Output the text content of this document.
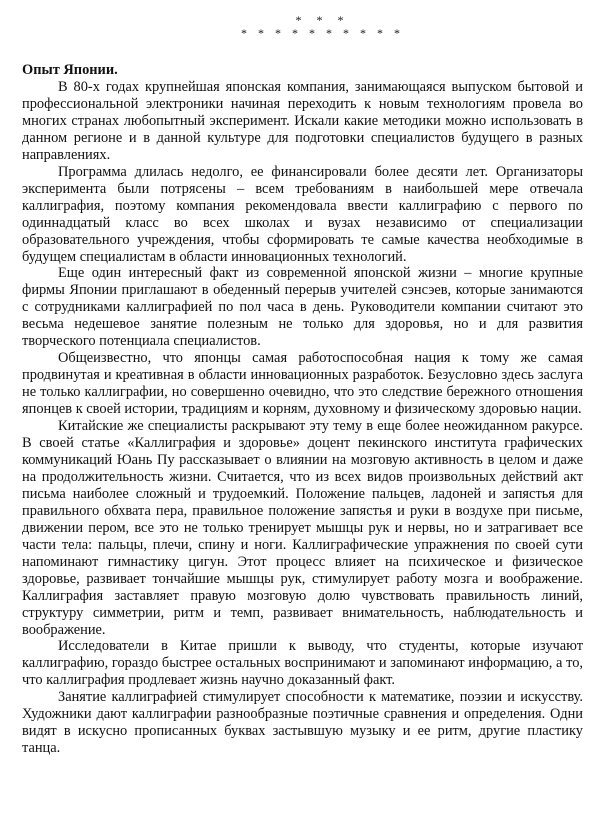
* * *
* * * * * * * * * *
Опыт Японии.

В 80-х годах крупнейшая японская компания, занимающаяся выпуском бытовой и профессиональной электроники начиная переходить к новым технологиям провела во многих странах любопытный эксперимент. Искали какие методики можно использовать в данном регионе и в данной культуре для подготовки специалистов будущего в разных направлениях.

Программа длилась недолго, ее финансировали более десяти лет. Организаторы эксперимента были потрясены – всем требованиям в наибольшей мере отвечала каллиграфия, поэтому компания рекомендовала ввести каллиграфию с первого по одиннадцатый класс во всех школах и вузах независимо от специализации образовательного учреждения, чтобы сформировать те самые качества необходимые в будущем специалистам в области инновационных технологий.

Еще один интересный факт из современной японской жизни – многие крупные фирмы Японии приглашают в обеденный перерыв учителей сэнсэев, которые занимаются с сотрудниками каллиграфией по пол часа в день. Руководители компании считают это весьма недешевое занятие полезным не только для здоровья, но и для развития творческого потенциала специалистов.

Общеизвестно, что японцы самая работоспособная нация к тому же самая продвинутая и креативная в области инновационных разработок. Безусловно здесь заслуга не только каллиграфии, но совершенно очевидно, что это следствие бережного отношения японцев к своей истории, традициям и корням, духовному и физическому здоровью нации.

Китайские же специалисты раскрывают эту тему в еще более неожиданном ракурсе. В своей статье «Каллиграфия и здоровье» доцент пекинского института графических коммуникаций Юань Пу рассказывает о влиянии на мозговую активность в целом и даже на продолжительность жизни. Считается, что из всех видов произвольных действий акт письма наиболее сложный и трудоемкий. Положение пальцев, ладоней и запястья для правильного обхвата пера, правильное положение запястья и руки в воздухе при письме, движении пером, все это не только тренирует мышцы рук и нервы, но и затрагивает все части тела: пальцы, плечи, спину и ноги. Каллиграфические упражнения по своей сути напоминают гимнастику цигун. Этот процесс влияет на психическое и физическое здоровье, развивает тончайшие мышцы рук, стимулирует работу мозга и воображение. Каллиграфия заставляет правую мозговую долю чувствовать правильность линий, структуру симметрии, ритм и темп, развивает внимательность, наблюдательность и воображение.

Исследователи в Китае пришли к выводу, что студенты, которые изучают каллиграфию, гораздо быстрее остальных воспринимают и запоминают информацию, а то, что каллиграфия продлевает жизнь научно доказанный факт.

Занятие каллиграфией стимулирует способности к математике, поэзии и искусству. Художники дают каллиграфии разнообразные поэтичные сравнения и определения. Одни видят в искусно прописанных буквах застывшую музыку и ее ритм, другие пластику танца.
